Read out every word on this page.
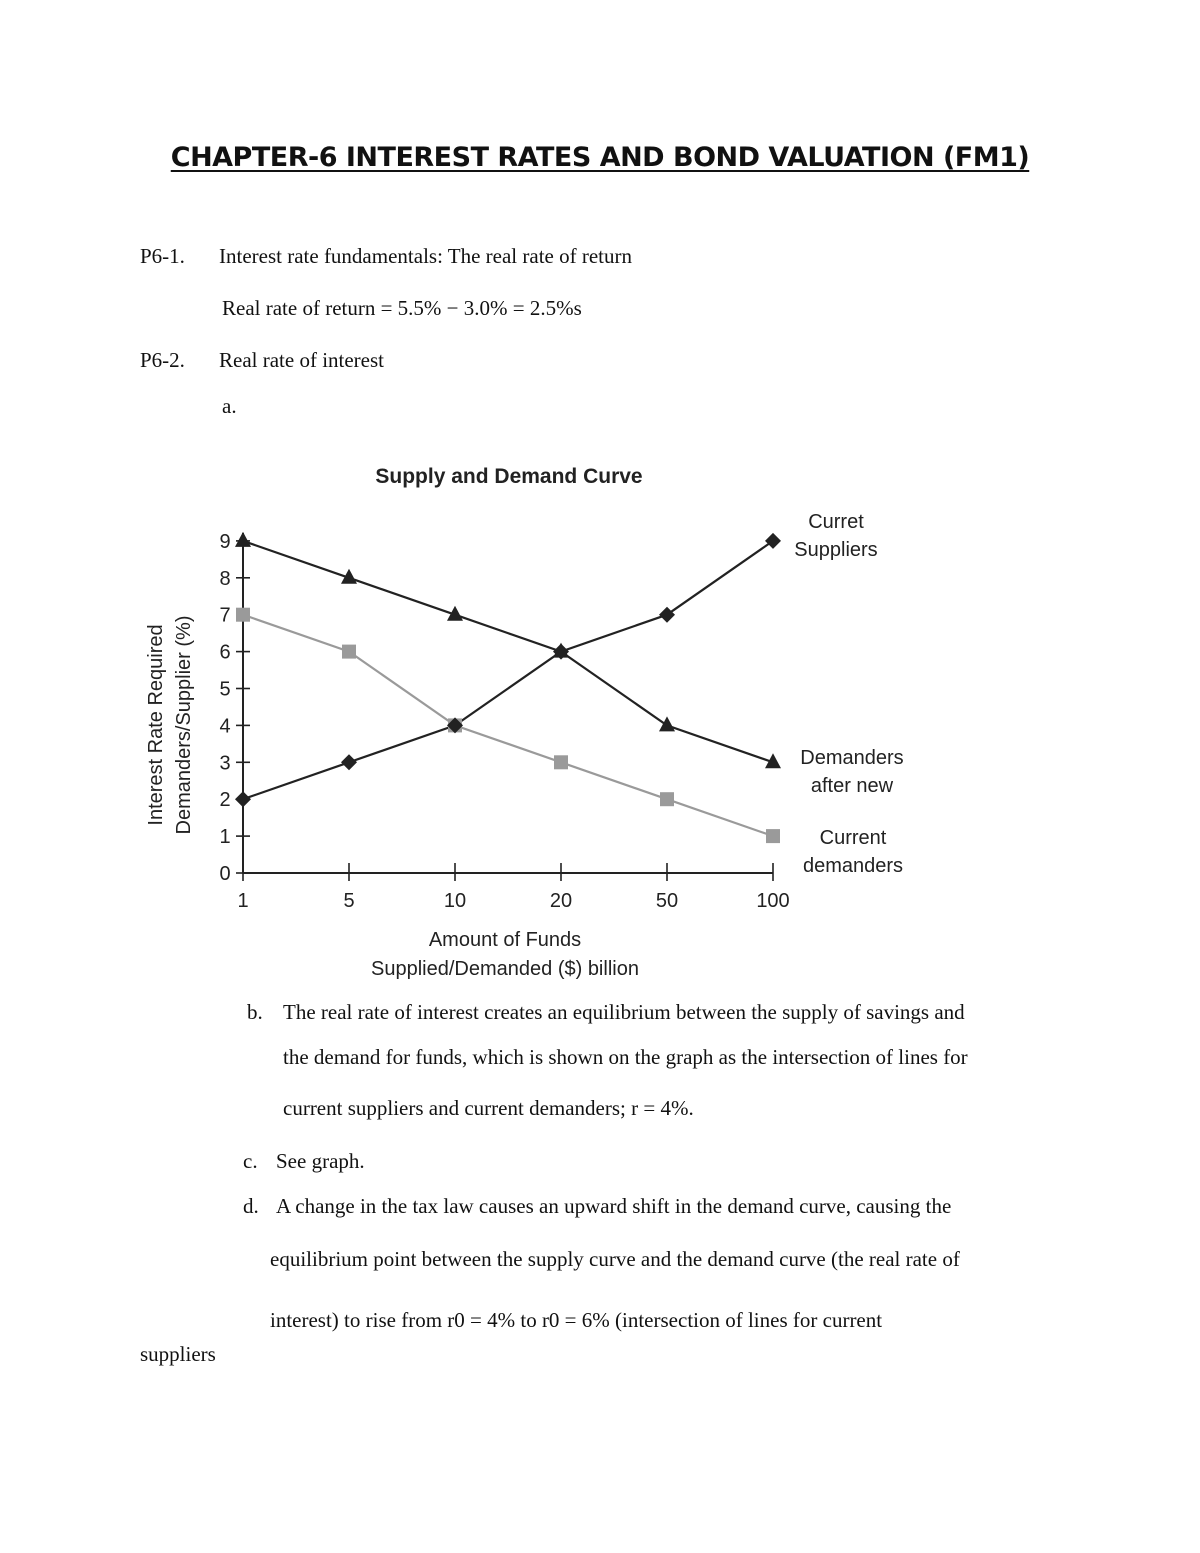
CHAPTER-6 INTEREST RATES AND BOND VALUATION (FM1)
P6-1. Interest rate fundamentals: The real rate of return
Real rate of return = 5.5% − 3.0% = 2.5%s
P6-2. Real rate of interest
a.
Supply and Demand Curve
0
1
2
3
4
5
6
7
8
9
1	5	10	20	50	100
Interest Rate Required Demanders/Supplier (%)
Amount of Funds
Supplied/Demanded ($) billion
Curret
Suppliers
Demanders
after new
Current
demanders
b. The real rate of interest creates an equilibrium between the supply of savings and
the demand for funds, which is shown on the graph as the intersection of lines for
current suppliers and current demanders; r = 4%.
c. See graph.
d. A change in the tax law causes an upward shift in the demand curve, causing the
equilibrium point between the supply curve and the demand curve (the real rate of
interest) to rise from r0 = 4% to r0 = 6% (intersection of lines for current
suppliers
